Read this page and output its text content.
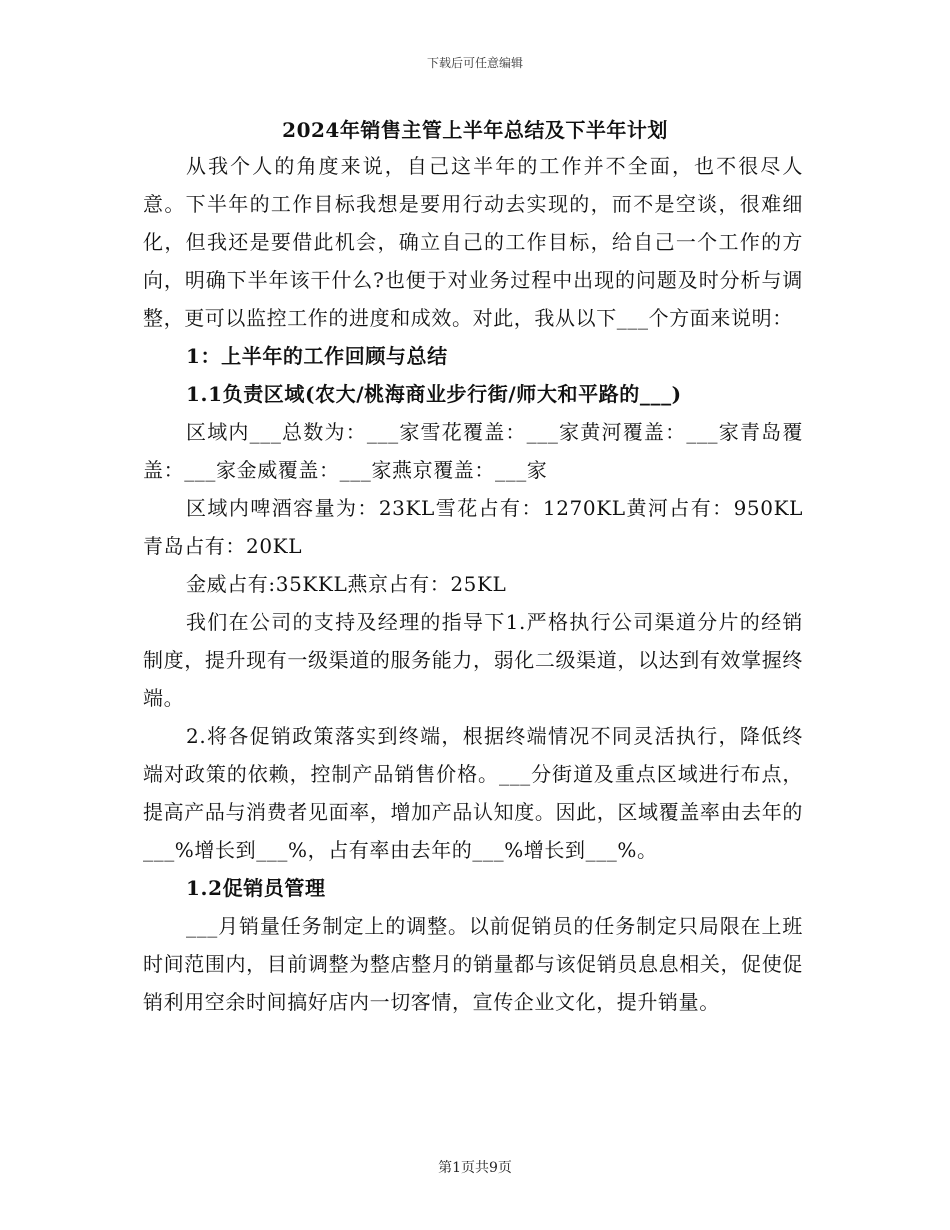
下载后可任意编辑
2024年销售主管上半年总结及下半年计划

从我个人的角度来说，自己这半年的工作并不全面，也不很尽人意。下半年的工作目标我想是要用行动去实现的，而不是空谈，很难细化，但我还是要借此机会，确立自己的工作目标，给自己一个工作的方向，明确下半年该干什么?也便于对业务过程中出现的问题及时分析与调整，更可以监控工作的进度和成效。对此，我从以下___个方面来说明：

1：上半年的工作回顾与总结

1.1负责区域(农大/桃海商业步行街/师大和平路的___)

区域内___总数为：___家雪花覆盖：___家黄河覆盖：___家青岛覆盖：___家金威覆盖：___家燕京覆盖：___家

区域内啤酒容量为：23KL雪花占有：1270KL黄河占有：950KL青岛占有：20KL

金威占有:35KKL燕京占有：25KL

我们在公司的支持及经理的指导下1.严格执行公司渠道分片的经销制度，提升现有一级渠道的服务能力，弱化二级渠道，以达到有效掌握终端。

2.将各促销政策落实到终端，根据终端情况不同灵活执行，降低终端对政策的依赖，控制产品销售价格。___分街道及重点区域进行布点，提高产品与消费者见面率，增加产品认知度。因此，区域覆盖率由去年的___%增长到___%，占有率由去年的___%增长到___%。

1.2促销员管理

___月销量任务制定上的调整。以前促销员的任务制定只局限在上班时间范围内，目前调整为整店整月的销量都与该促销员息息相关，促使促销利用空余时间搞好店内一切客情，宣传企业文化，提升销量。

第1页共9页
